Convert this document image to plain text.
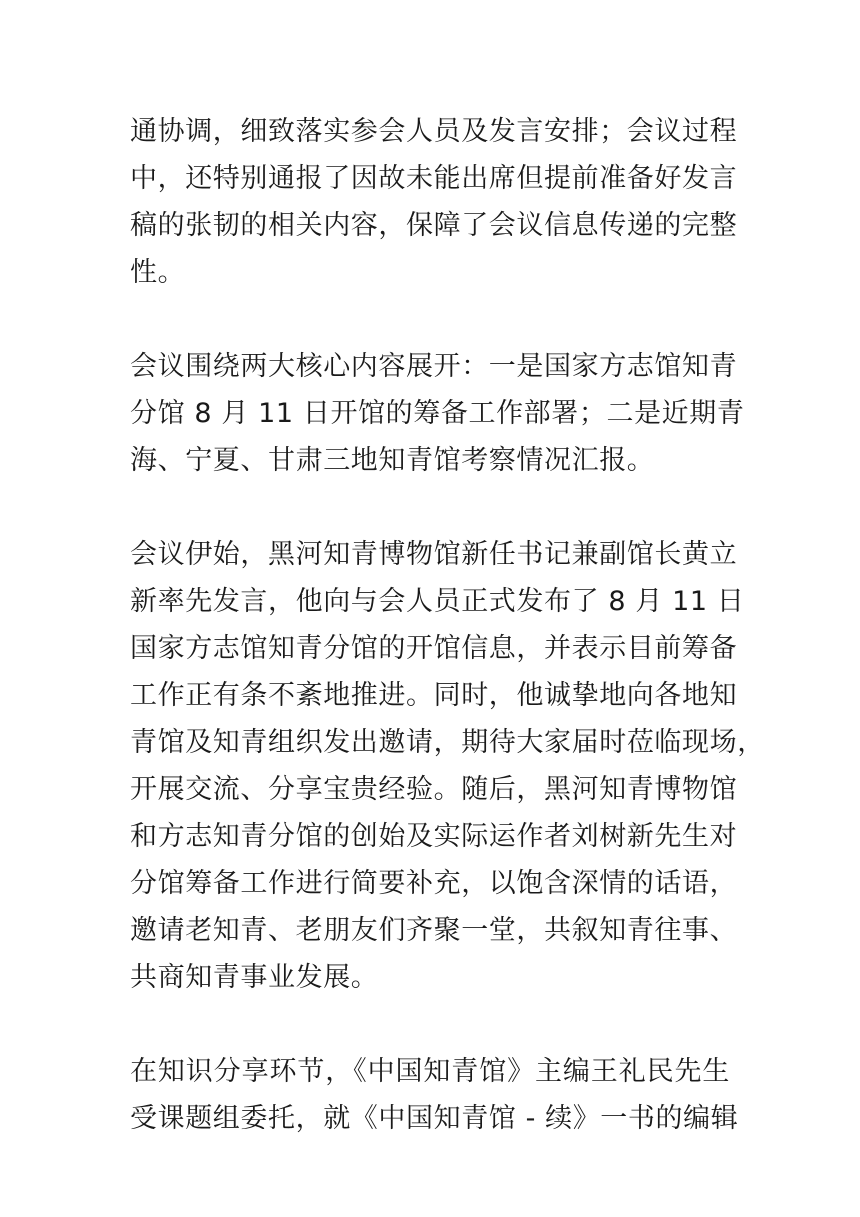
通协调，细致落实参会人员及发言安排；会议过程
中，还特别通报了因故未能出席但提前准备好发言
稿的张韧的相关内容，保障了会议信息传递的完整
性。

会议围绕两大核心内容展开：一是国家方志馆知青
分馆 8 月 11 日开馆的筹备工作部署；二是近期青
海、宁夏、甘肃三地知青馆考察情况汇报。

会议伊始，黑河知青博物馆新任书记兼副馆长黄立
新率先发言，他向与会人员正式发布了 8 月 11 日
国家方志馆知青分馆的开馆信息，并表示目前筹备
工作正有条不紊地推进。同时，他诚挚地向各地知
青馆及知青组织发出邀请，期待大家届时莅临现场，
开展交流、分享宝贵经验。随后，黑河知青博物馆
和方志知青分馆的创始及实际运作者刘树新先生对
分馆筹备工作进行简要补充，以饱含深情的话语，
邀请老知青、老朋友们齐聚一堂，共叙知青往事、
共商知青事业发展。

在知识分享环节，《中国知青馆》主编王礼民先生
受课题组委托，就《中国知青馆 - 续》一书的编辑
